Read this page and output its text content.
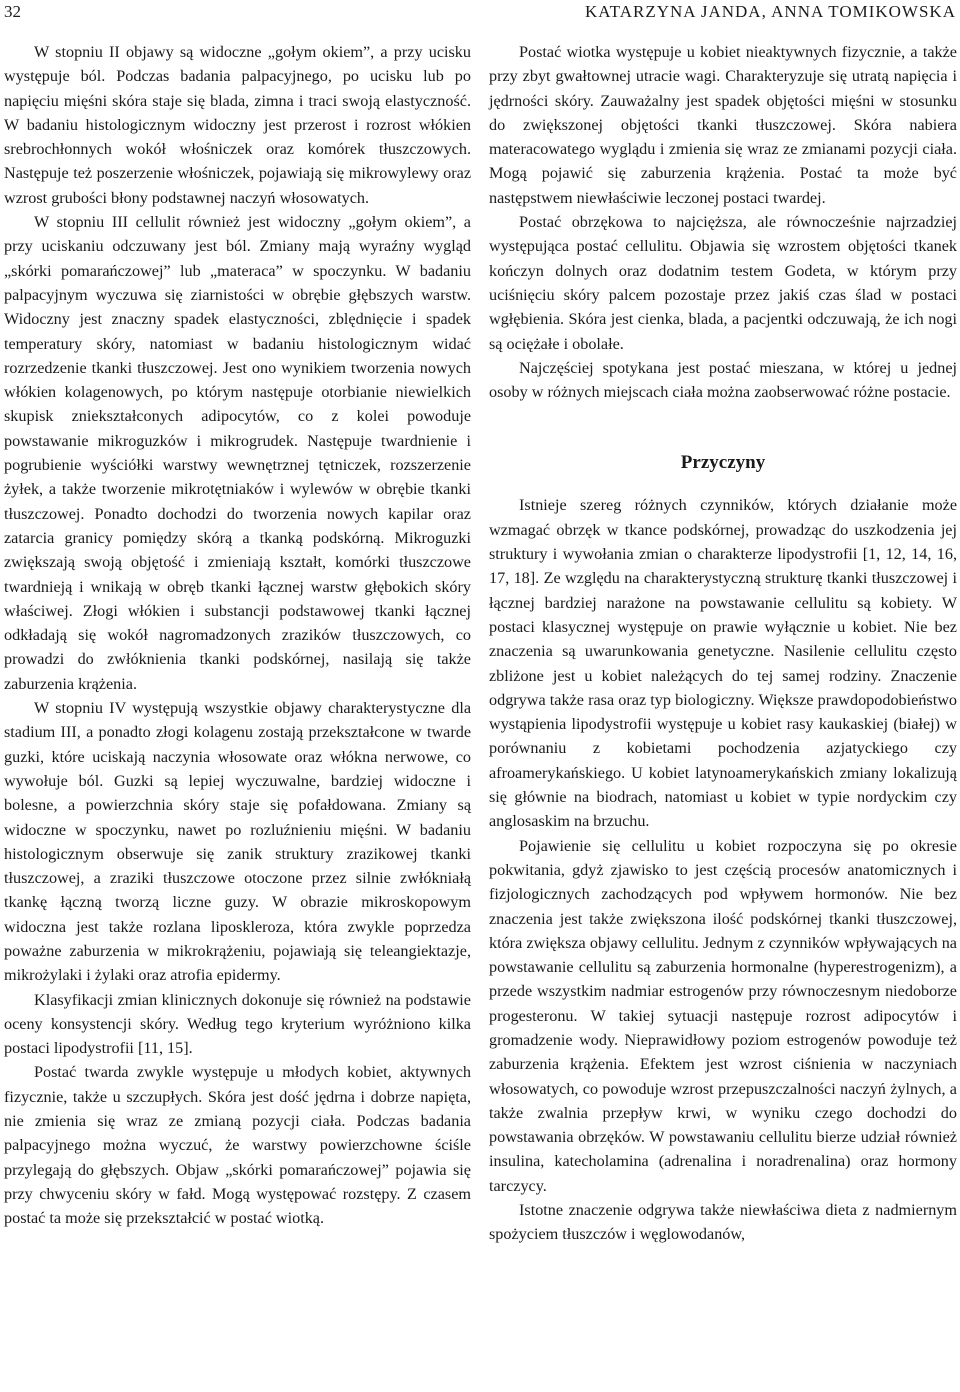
32	KATARZYNA JANDA, ANNA TOMIKOWSKA

W stopniu II objawy są widoczne „gołym okiem”, a przy ucisku występuje ból. Podczas badania palpacyjnego, po ucisku lub po napięciu mięśni skóra staje się blada, zimna i traci swoją elastyczność. W badaniu histologicznym widoczny jest przerost i rozrost włókien srebrochłonnych wokół włośniczek oraz komórek tłuszczowych. Następuje też poszerzenie włośniczek, pojawiają się mikrowylewy oraz wzrost grubości błony podstawnej naczyń włosowatych.

W stopniu III cellulit również jest widoczny „gołym okiem”, a przy uciskaniu odczuwany jest ból. Zmiany mają wyraźny wygląd „skórki pomarańczowej” lub „materaca” w spoczynku. W badaniu palpacyjnym wyczuwa się ziarnistości w obrębie głębszych warstw. Widoczny jest znaczny spadek elastyczności, zblędnięcie i spadek temperatury skóry, natomiast w badaniu histologicznym widać rozrzedzenie tkanki tłuszczowej. Jest ono wynikiem tworzenia nowych włókien kolagenowych, po którym następuje otorbianie niewielkich skupisk zniekształconych adipocytów, co z kolei powoduje powstawanie mikroguzków i mikrogrudek. Następuje twardnienie i pogrubienie wyściółki warstwy wewnętrznej tętniczek, rozszerzenie żyłek, a także tworzenie mikrotętniaków i wylewów w obrębie tkanki tłuszczowej. Ponadto dochodzi do tworzenia nowych kapilar oraz zatarcia granicy pomiędzy skórą a tkanką podskórną. Mikroguzki zwiększają swoją objętość i zmieniają kształt, komórki tłuszczowe twardnieją i wnikają w obręb tkanki łącznej warstw głębokich skóry właściwej. Złogi włókien i substancji podstawowej tkanki łącznej odkładają się wokół nagromadzonych zrazików tłuszczowych, co prowadzi do zwłóknienia tkanki podskórnej, nasilają się także zaburzenia krążenia.

W stopniu IV występują wszystkie objawy charakterystyczne dla stadium III, a ponadto złogi kolagenu zostają przekształcone w twarde guzki, które uciskają naczynia włosowate oraz włókna nerwowe, co wywołuje ból. Guzki są lepiej wyczuwalne, bardziej widoczne i bolesne, a powierzchnia skóry staje się pofałdowana. Zmiany są widoczne w spoczynku, nawet po rozluźnieniu mięśni. W badaniu histologicznym obserwuje się zanik struktury zrazikowej tkanki tłuszczowej, a zraziki tłuszczowe otoczone przez silnie zwłókniałą tkankę łączną tworzą liczne guzy. W obrazie mikroskopowym widoczna jest także rozlana liposkleroza, która zwykle poprzedza poważne zaburzenia w mikrokrążeniu, pojawiają się teleangiektazje, mikrożylaki i żylaki oraz atrofia epidermy.

Klasyfikacji zmian klinicznych dokonuje się również na podstawie oceny konsystencji skóry. Według tego kryterium wyróżniono kilka postaci lipodystrofii [11, 15].

Postać twarda zwykle występuje u młodych kobiet, aktywnych fizycznie, także u szczupłych. Skóra jest dość jędrna i dobrze napięta, nie zmienia się wraz ze zmianą pozycji ciała. Podczas badania palpacyjnego można wyczuć, że warstwy powierzchowne ściśle przylegają do głębszych. Objaw „skórki pomarańczowej” pojawia się przy chwyceniu skóry w fałd. Mogą występować rozstępy. Z czasem postać ta może się przekształcić w postać wiotką.

Postać wiotka występuje u kobiet nieaktywnych fizycznie, a także przy zbyt gwałtownej utracie wagi. Charakteryzuje się utratą napięcia i jędrności skóry. Zauważalny jest spadek objętości mięśni w stosunku do zwiększonej objętości tkanki tłuszczowej. Skóra nabiera materacowatego wyglądu i zmienia się wraz ze zmianami pozycji ciała. Mogą pojawić się zaburzenia krążenia. Postać ta może być następstwem niewłaściwie leczonej postaci twardej.

Postać obrzękowa to najcięższa, ale równocześnie najrzadziej występująca postać cellulitu. Objawia się wzrostem objętości tkanek kończyn dolnych oraz dodatnim testem Godeta, w którym przy uciśnięciu skóry palcem pozostaje przez jakiś czas ślad w postaci wgłębienia. Skóra jest cienka, blada, a pacjentki odczuwają, że ich nogi są ociężałe i obolałe.

Najczęściej spotykana jest postać mieszana, w której u jednej osoby w różnych miejscach ciała można zaobserwować różne postacie.

Przyczyny

Istnieje szereg różnych czynników, których działanie może wzmagać obrzęk w tkance podskórnej, prowadząc do uszkodzenia jej struktury i wywołania zmian o charakterze lipodystrofii [1, 12, 14, 16, 17, 18]. Ze względu na charakterystyczną strukturę tkanki tłuszczowej i łącznej bardziej narażone na powstawanie cellulitu są kobiety. W postaci klasycznej występuje on prawie wyłącznie u kobiet. Nie bez znaczenia są uwarunkowania genetyczne. Nasilenie cellulitu często zbliżone jest u kobiet należących do tej samej rodziny. Znaczenie odgrywa także rasa oraz typ biologiczny. Większe prawdopodobieństwo wystąpienia lipodystrofii występuje u kobiet rasy kaukaskiej (białej) w porównaniu z kobietami pochodzenia azjatyckiego czy afroamerykańskiego. U kobiet latynoamerykańskich zmiany lokalizują się głównie na biodrach, natomiast u kobiet w typie nordyckim czy anglosaskim na brzuchu.

Pojawienie się cellulitu u kobiet rozpoczyna się po okresie pokwitania, gdyż zjawisko to jest częścią procesów anatomicznych i fizjologicznych zachodzących pod wpływem hormonów. Nie bez znaczenia jest także zwiększona ilość podskórnej tkanki tłuszczowej, która zwiększa objawy cellulitu. Jednym z czynników wpływających na powstawanie cellulitu są zaburzenia hormonalne (hyperestrogenizm), a przede wszystkim nadmiar estrogenów przy równoczesnym niedoborze progesteronu. W takiej sytuacji następuje rozrost adipocytów i gromadzenie wody. Nieprawidłowy poziom estrogenów powoduje też zaburzenia krążenia. Efektem jest wzrost ciśnienia w naczyniach włosowatych, co powoduje wzrost przepuszczalności naczyń żylnych, a także zwalnia przepływ krwi, w wyniku czego dochodzi do powstawania obrzęków. W powstawaniu cellulitu bierze udział również insulina, katecholamina (adrenalina i noradrenalina) oraz hormony tarczycy.

Istotne znaczenie odgrywa także niewłaściwa dieta z nadmiernym spożyciem tłuszczów i węglowodanów,
